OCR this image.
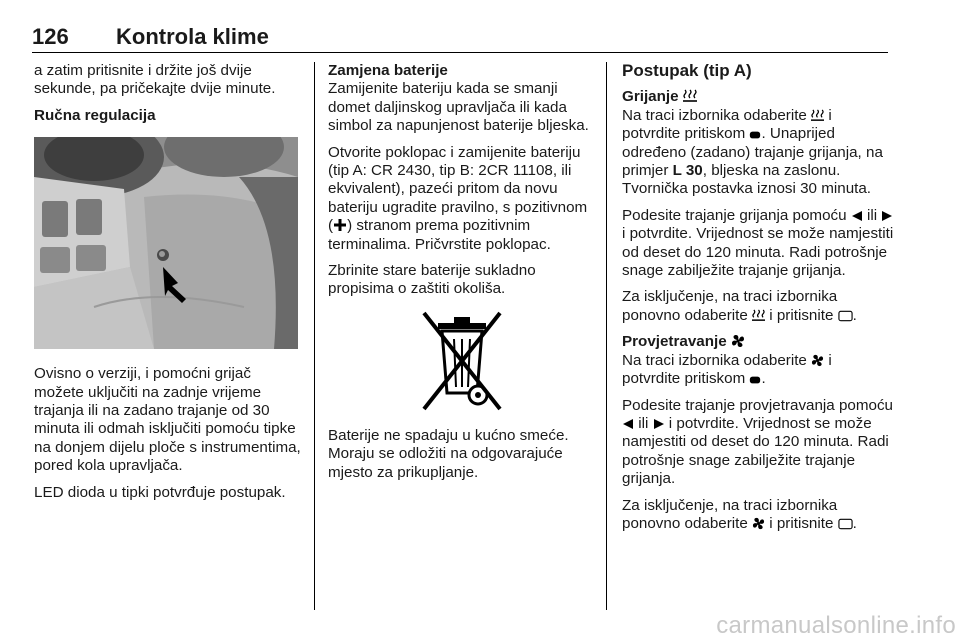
126 Kontrola klime

a zatim pritisnite i držite još dvije sekunde, pa pričekajte dvije minute.

Ručna regulacija

Ovisno o verziji, i pomoćni grijač možete uključiti na zadnje vrijeme trajanja ili na zadano trajanje od 30 minuta ili odmah isključiti pomoću tipke na donjem dijelu ploče s instrumentima, pored kola upravljača.

LED dioda u tipki potvrđuje postupak.

Zamjena baterije

Zamijenite bateriju kada se smanji domet daljinskog upravljača ili kada simbol za napunjenost baterije bljeska.

Otvorite poklopac i zamijenite bateriju (tip A: CR 2430, tip B: 2CR 11108, ili ekvivalent), pazeći pritom da novu bateriju ugradite pravilno, s pozitivnom ( ) stranom prema pozitivnim terminalima. Pričvrstite poklopac.

Zbrinite stare baterije sukladno propisima o zaštiti okoliša.

Baterije ne spadaju u kućno smeće. Moraju se odložiti na odgovarajuće mjesto za prikupljanje.

Postupak (tip A)
Grijanje

Na traci izbornika odaberite  i potvrdite pritiskom . Unaprijed određeno (zadano) trajanje grijanja, na primjer L 30, bljeska na zaslonu. Tvornička postavka iznosi 30 minuta.

Podesite trajanje grijanja pomoću  ili  i potvrdite. Vrijednost se može namjestiti od deset do 120 minuta. Radi potrošnje snage zabilježite trajanje grijanja.

Za isključenje, na traci izbornika ponovno odaberite  i pritisnite .

Provjetravanje

Na traci izbornika odaberite  i potvrdite pritiskom .

Podesite trajanje provjetravanja pomoću  ili  i potvrdite. Vrijednost se može namjestiti od deset do 120 minuta. Radi potrošnje snage zabilježite trajanje grijanja.

Za isključenje, na traci izbornika ponovno odaberite  i pritisnite .

carmanualsonline.info
